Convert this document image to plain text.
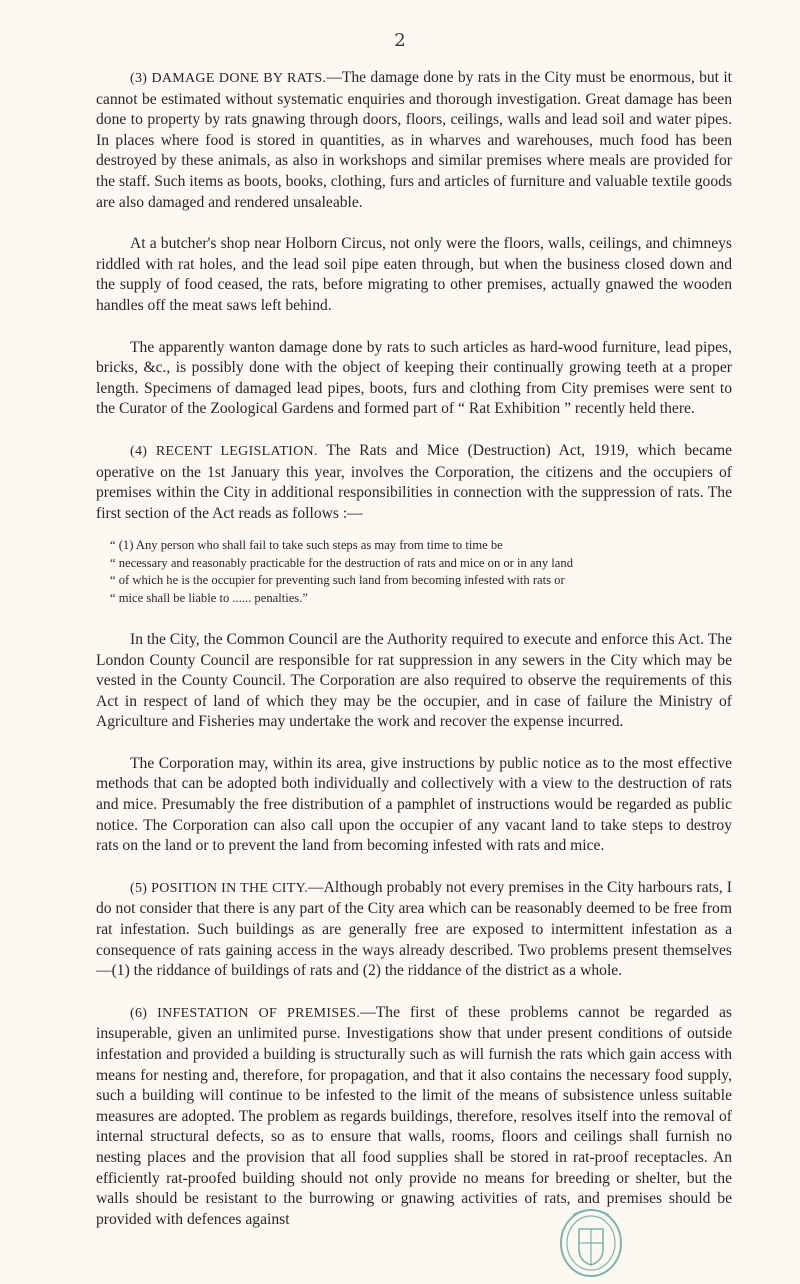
2

(3) DAMAGE DONE BY RATS.—The damage done by rats in the City must be enormous, but it cannot be estimated without systematic enquiries and thorough investigation. Great damage has been done to property by rats gnawing through doors, floors, ceilings, walls and lead soil and water pipes. In places where food is stored in quantities, as in wharves and warehouses, much food has been destroyed by these animals, as also in workshops and similar premises where meals are provided for the staff. Such items as boots, books, clothing, furs and articles of furniture and valuable textile goods are also damaged and rendered unsaleable.

At a butcher's shop near Holborn Circus, not only were the floors, walls, ceilings, and chimneys riddled with rat holes, and the lead soil pipe eaten through, but when the business closed down and the supply of food ceased, the rats, before migrating to other premises, actually gnawed the wooden handles off the meat saws left behind.

The apparently wanton damage done by rats to such articles as hard-wood furniture, lead pipes, bricks, &c., is possibly done with the object of keeping their continually growing teeth at a proper length. Specimens of damaged lead pipes, boots, furs and clothing from City premises were sent to the Curator of the Zoological Gardens and formed part of “ Rat Exhibition ” recently held there.

(4) RECENT LEGISLATION. The Rats and Mice (Destruction) Act, 1919, which became operative on the 1st January this year, involves the Corporation, the citizens and the occupiers of premises within the City in additional responsibilities in connection with the suppression of rats. The first section of the Act reads as follows :—

“ (1) Any person who shall fail to take such steps as may from time to time be
“ necessary and reasonably practicable for the destruction of rats and mice on or in any land
“ of which he is the occupier for preventing such land from becoming infested with rats or
“ mice shall be liable to ...... penalties.”

In the City, the Common Council are the Authority required to execute and enforce this Act. The London County Council are responsible for rat suppression in any sewers in the City which may be vested in the County Council. The Corporation are also required to observe the requirements of this Act in respect of land of which they may be the occupier, and in case of failure the Ministry of Agriculture and Fisheries may undertake the work and recover the expense incurred.

The Corporation may, within its area, give instructions by public notice as to the most effective methods that can be adopted both individually and collectively with a view to the destruction of rats and mice. Presumably the free distribution of a pamphlet of instructions would be regarded as public notice. The Corporation can also call upon the occupier of any vacant land to take steps to destroy rats on the land or to prevent the land from becoming infested with rats and mice.

(5) POSITION IN THE CITY.—Although probably not every premises in the City harbours rats, I do not consider that there is any part of the City area which can be reasonably deemed to be free from rat infestation. Such buildings as are generally free are exposed to intermittent infestation as a consequence of rats gaining access in the ways already described. Two problems present themselves—(1) the riddance of buildings of rats and (2) the riddance of the district as a whole.

(6) INFESTATION OF PREMISES.—The first of these problems cannot be regarded as insuperable, given an unlimited purse. Investigations show that under present conditions of outside infestation and provided a building is structurally such as will furnish the rats which gain access with means for nesting and, therefore, for propagation, and that it also contains the necessary food supply, such a building will continue to be infested to the limit of the means of subsistence unless suitable measures are adopted. The problem as regards buildings, therefore, resolves itself into the removal of internal structural defects, so as to ensure that walls, rooms, floors and ceilings shall furnish no nesting places and the provision that all food supplies shall be stored in rat-proof receptacles. An efficiently rat-proofed building should not only provide no means for breeding or shelter, but the walls should be resistant to the burrowing or gnawing activities of rats, and premises should be provided with defences against
